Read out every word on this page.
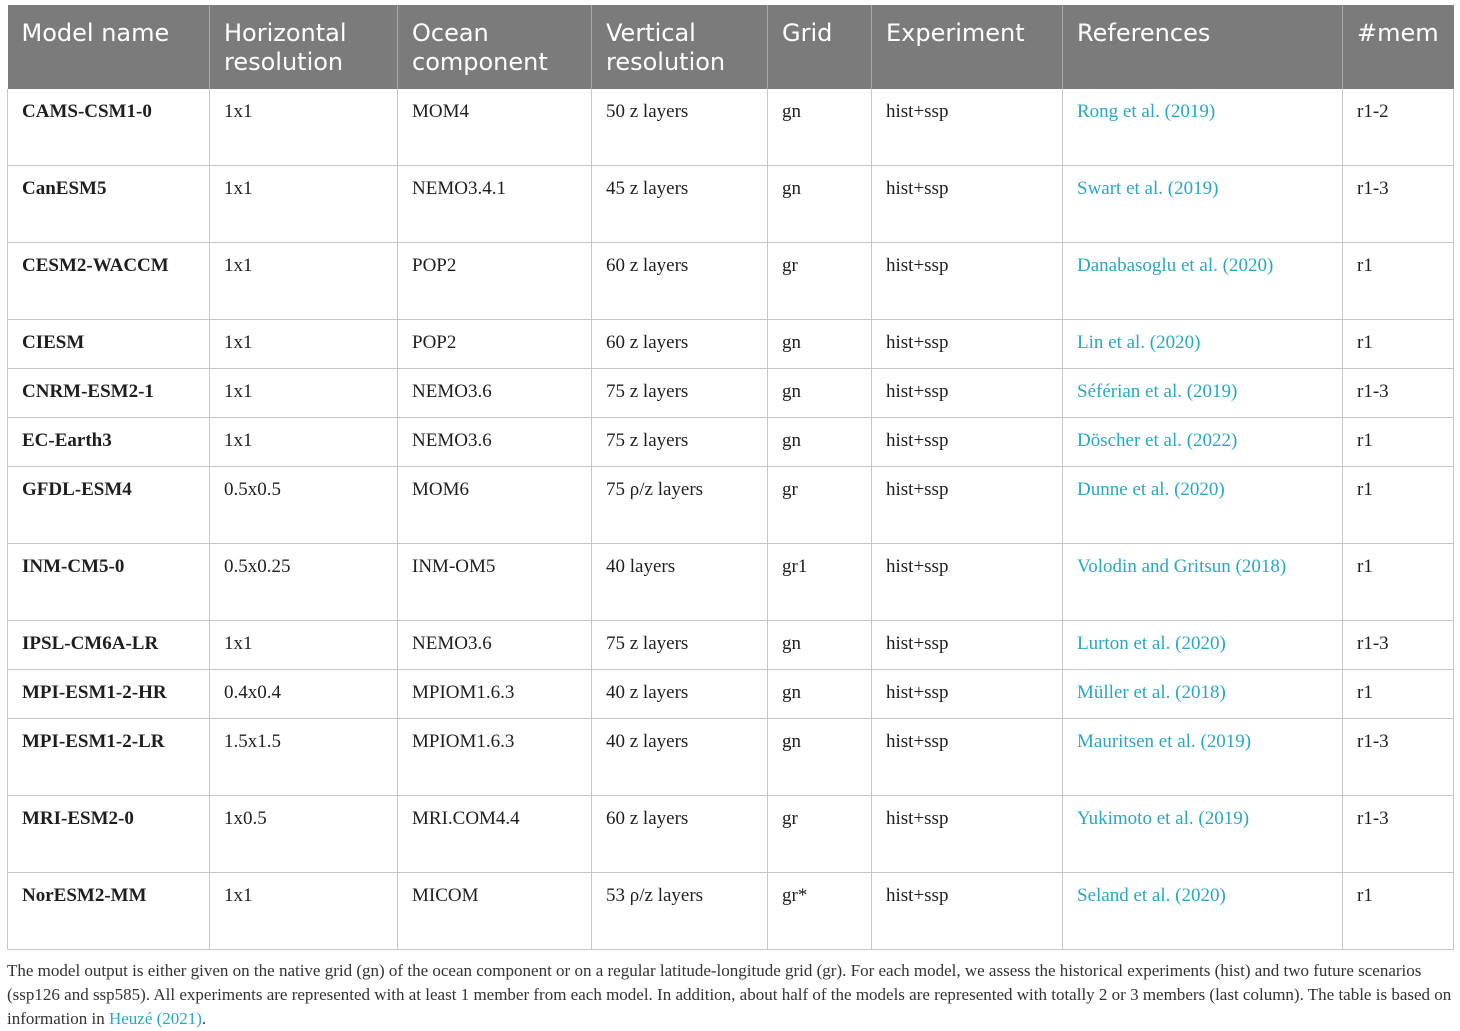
Model name	Horizontal resolution	Ocean component	Vertical resolution	Grid	Experiment	References	#mem
CAMS-CSM1-0	1x1	MOM4	50 z layers	gn	hist+ssp	Rong et al. (2019)	r1-2
CanESM5	1x1	NEMO3.4.1	45 z layers	gn	hist+ssp	Swart et al. (2019)	r1-3
CESM2-WACCM	1x1	POP2	60 z layers	gr	hist+ssp	Danabasoglu et al. (2020)	r1
CIESM	1x1	POP2	60 z layers	gn	hist+ssp	Lin et al. (2020)	r1
CNRM-ESM2-1	1x1	NEMO3.6	75 z layers	gn	hist+ssp	Séférian et al. (2019)	r1-3
EC-Earth3	1x1	NEMO3.6	75 z layers	gn	hist+ssp	Döscher et al. (2022)	r1
GFDL-ESM4	0.5x0.5	MOM6	75 ρ/z layers	gr	hist+ssp	Dunne et al. (2020)	r1
INM-CM5-0	0.5x0.25	INM-OM5	40 layers	gr1	hist+ssp	Volodin and Gritsun (2018)	r1
IPSL-CM6A-LR	1x1	NEMO3.6	75 z layers	gn	hist+ssp	Lurton et al. (2020)	r1-3
MPI-ESM1-2-HR	0.4x0.4	MPIOM1.6.3	40 z layers	gn	hist+ssp	Müller et al. (2018)	r1
MPI-ESM1-2-LR	1.5x1.5	MPIOM1.6.3	40 z layers	gn	hist+ssp	Mauritsen et al. (2019)	r1-3
MRI-ESM2-0	1x0.5	MRI.COM4.4	60 z layers	gr	hist+ssp	Yukimoto et al. (2019)	r1-3
NorESM2-MM	1x1	MICOM	53 ρ/z layers	gr*	hist+ssp	Seland et al. (2020)	r1

The model output is either given on the native grid (gn) of the ocean component or on a regular latitude-longitude grid (gr). For each model, we assess the historical experiments (hist) and two future scenarios (ssp126 and ssp585). All experiments are represented with at least 1 member from each model. In addition, about half of the models are represented with totally 2 or 3 members (last column). The table is based on information in Heuzé (2021).
